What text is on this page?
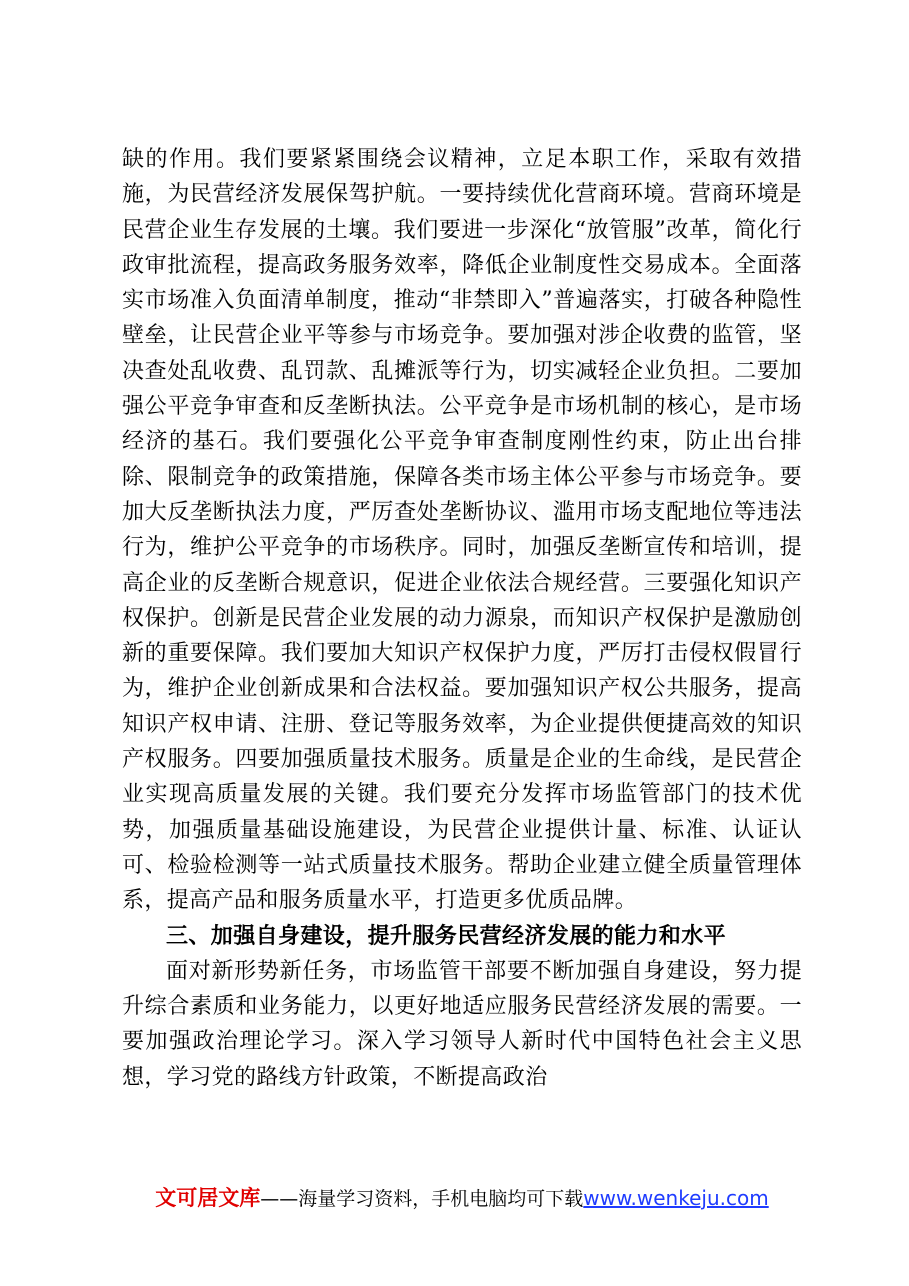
缺的作用。我们要紧紧围绕会议精神，立足本职工作，采取有效措施，为民营经济发展保驾护航。一要持续优化营商环境。营商环境是民营企业生存发展的土壤。我们要进一步深化“放管服”改革，简化行政审批流程，提高政务服务效率，降低企业制度性交易成本。全面落实市场准入负面清单制度，推动“非禁即入”普遍落实，打破各种隐性壁垒，让民营企业平等参与市场竞争。要加强对涉企收费的监管，坚决查处乱收费、乱罚款、乱摊派等行为，切实减轻企业负担。二要加强公平竞争审查和反垄断执法。公平竞争是市场机制的核心，是市场经济的基石。我们要强化公平竞争审查制度刚性约束，防止出台排除、限制竞争的政策措施，保障各类市场主体公平参与市场竞争。要加大反垄断执法力度，严厉查处垄断协议、滥用市场支配地位等违法行为，维护公平竞争的市场秩序。同时，加强反垄断宣传和培训，提高企业的反垄断合规意识，促进企业依法合规经营。三要强化知识产权保护。创新是民营企业发展的动力源泉，而知识产权保护是激励创新的重要保障。我们要加大知识产权保护力度，严厉打击侵权假冒行为，维护企业创新成果和合法权益。要加强知识产权公共服务，提高知识产权申请、注册、登记等服务效率，为企业提供便捷高效的知识产权服务。四要加强质量技术服务。质量是企业的生命线，是民营企业实现高质量发展的关键。我们要充分发挥市场监管部门的技术优势，加强质量基础设施建设，为民营企业提供计量、标准、认证认可、检验检测等一站式质量技术服务。帮助企业建立健全质量管理体系，提高产品和服务质量水平，打造更多优质品牌。

三、加强自身建设，提升服务民营经济发展的能力和水平

面对新形势新任务，市场监管干部要不断加强自身建设，努力提升综合素质和业务能力，以更好地适应服务民营经济发展的需要。一要加强政治理论学习。深入学习领导人新时代中国特色社会主义思想，学习党的路线方针政策，不断提高政治

文可居文库——海量学习资料，手机电脑均可下载www.wenkeju.com
